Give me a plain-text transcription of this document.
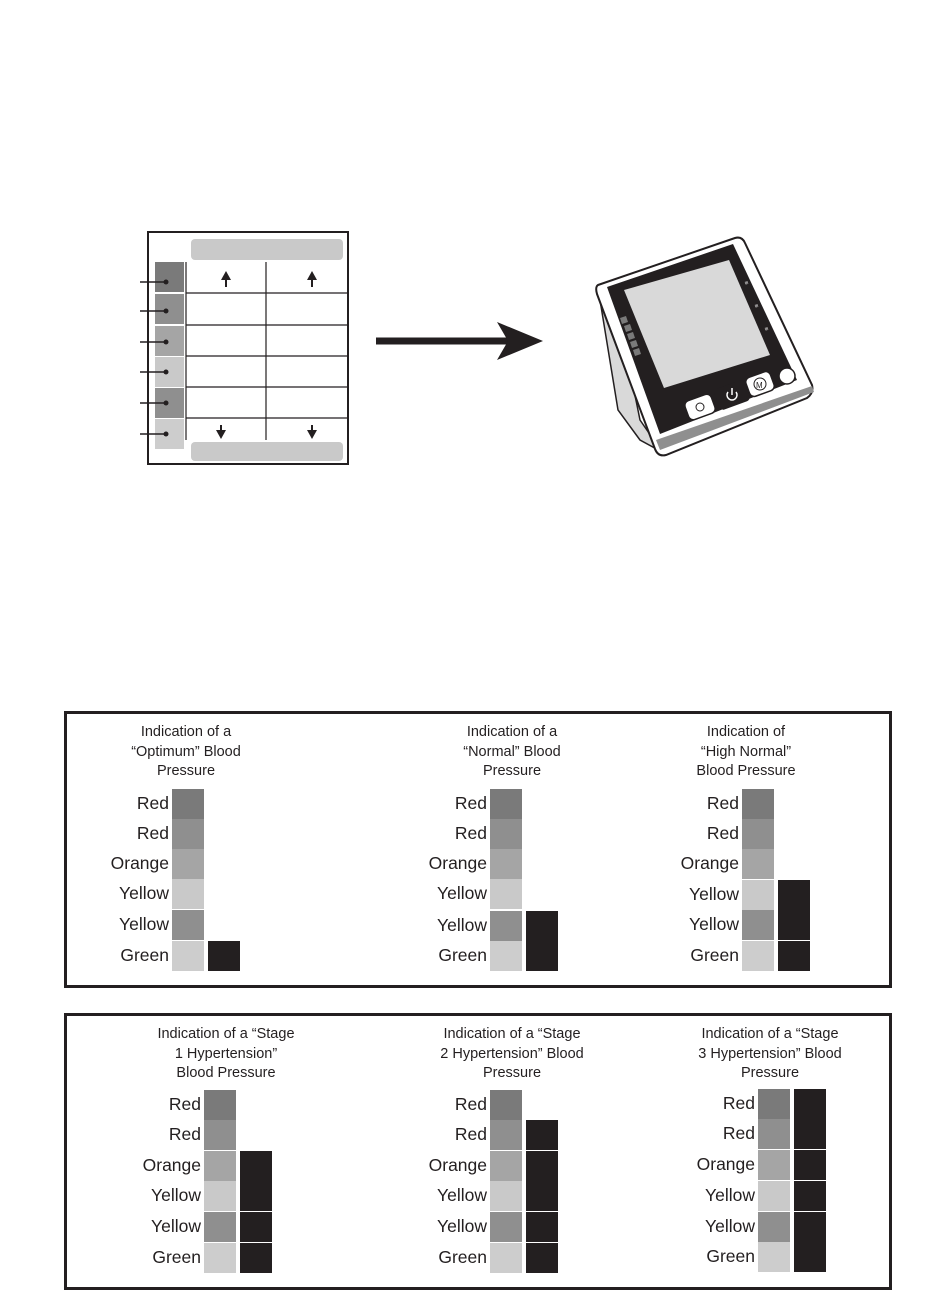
≡
≡
≡
M
Indication of a
“Optimum” Blood
Pressure
Red
Red
Orange
Yellow
Yellow
Green
Indication of a
“Normal” Blood
Pressure
Red
Red
Orange
Yellow
Yellow
Green
Indication of
“High Normal”
Blood Pressure
Red
Red
Orange
Yellow
Yellow
Green
Indication of a “Stage
1 Hypertension”
Blood Pressure
Red
Red
Orange
Yellow
Yellow
Green
Indication of a “Stage
2 Hypertension” Blood
Pressure
Red
Red
Orange
Yellow
Yellow
Green
Indication of a “Stage
3 Hypertension” Blood
Pressure
Red
Red
Orange
Yellow
Yellow
Green
